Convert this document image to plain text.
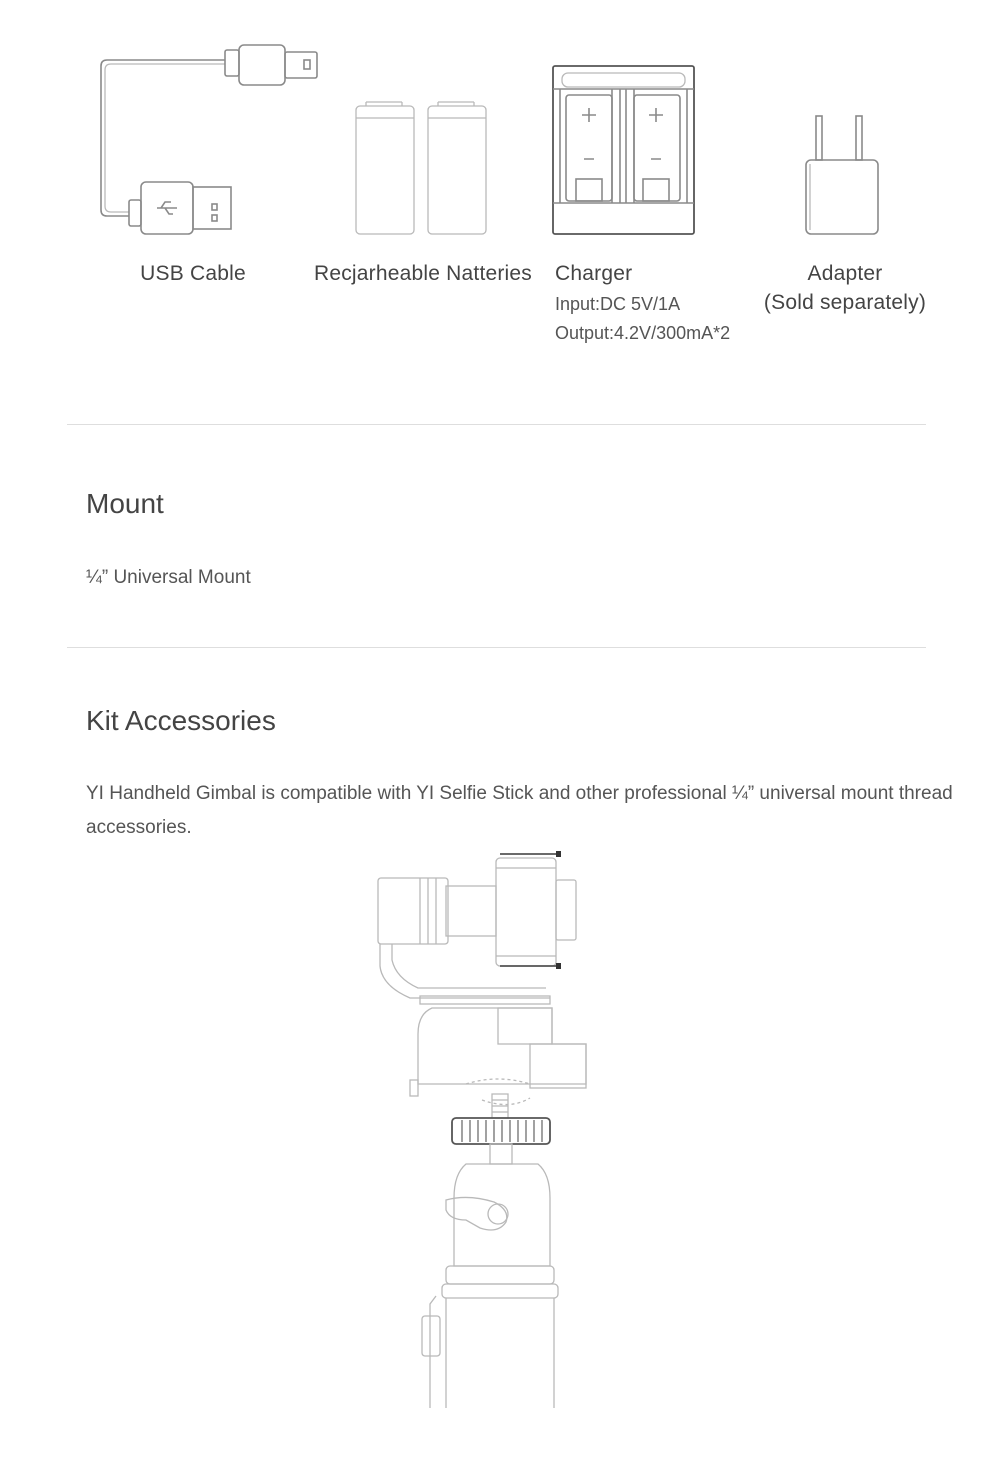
USB Cable	Recjarheable Natteries Charger
Input:DC 5V/1A
Output:4.2V/300mA*2
Adapter
(Sold separately)
Mount
¼” Universal Mount
Kit Accessories
YI Handheld Gimbal is compatible with YI Selfie Stick and other professional ¼” universal mount thread accessories.
